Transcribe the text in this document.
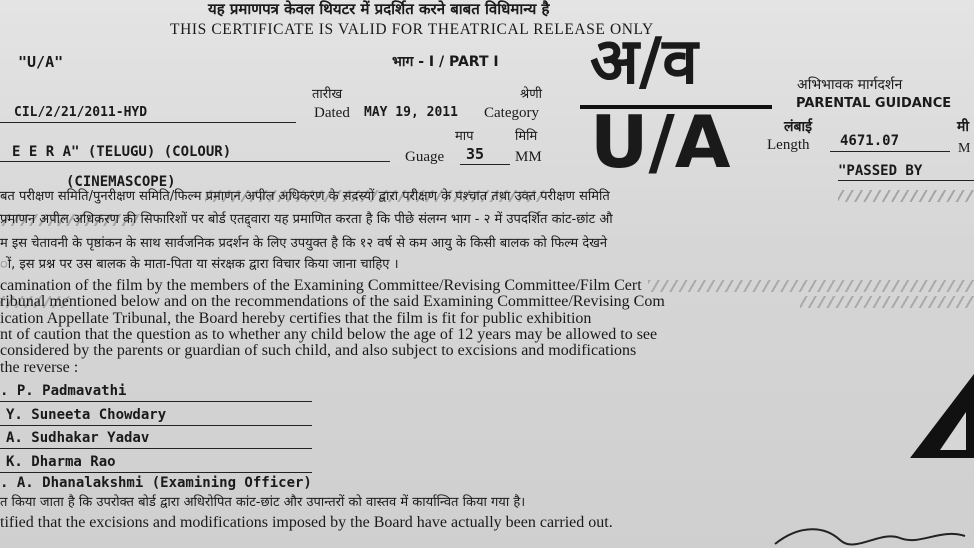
यह प्रमाणपत्र केवल थियटर में प्रदर्शित करने बाबत विधिमान्य है
THIS CERTIFICATE IS VALID FOR THEATRICAL RELEASE ONLY
"U/A"	भाग - I / PART I अ/व
U/A
अभिभावक मार्गदर्शन
PARENTAL GUIDANCE
CIL/2/21/2011-HYD
तारीख
Dated MAY 19, 2011
श्रेणी
Category
E E R A" (TELUGU) (COLOUR)
माप
Guage 35
मिमि
MM
(CINEMASCOPE)
लंबाई	मी
Length 4671.07	M
"PASSED BY
बत परीक्षण समिति/पुनरीक्षण समिति/फिल्म प्रमाणन अपील अधिकरण के सदस्यों द्वारा परीक्षण के पश्चात तथा उक्त परीक्षण समिति
प्रमाणन अपील अधिकरण की सिफारिशों पर बोर्ड एतद्द्वारा यह प्रमाणित करता है कि पीछे संलग्न भाग - २ में उपदर्शित कांट-छांट औ
म इस चेतावनी के पृष्ठांकन के साथ सार्वजनिक प्रदर्शन के लिए उपयुक्त है कि १२ वर्ष से कम आयु के किसी बालक को फिल्म देखने
ों, इस प्रश्न पर उस बालक के माता-पिता या संरक्षक द्वारा विचार किया जाना चाहिए ।
camination of the film by the members of the Examining Committee/Revising Committee/Film Cert
ribunal mentioned below and on the recommendations of the said Examining Committee/Revising Com
ication Appellate Tribunal, the Board hereby certifies that the film is fit for public exhibition
nt of caution that the question as to whether any child below the age of 12 years may be allowed to see
considered by the parents or guardian of such child, and also subject to excisions and modifications
the reverse :
. P. Padmavathi
Y. Suneeta Chowdary
A. Sudhakar Yadav
K. Dharma Rao
. A. Dhanalakshmi (Examining Officer)
त किया जाता है कि उपरोक्त बोर्ड द्वारा अधिरोपित कांट-छांट और उपान्तरों को वास्तव में कार्यान्वित किया गया है।
tified that the excisions and modifications imposed by the Board have actually been carried out.
